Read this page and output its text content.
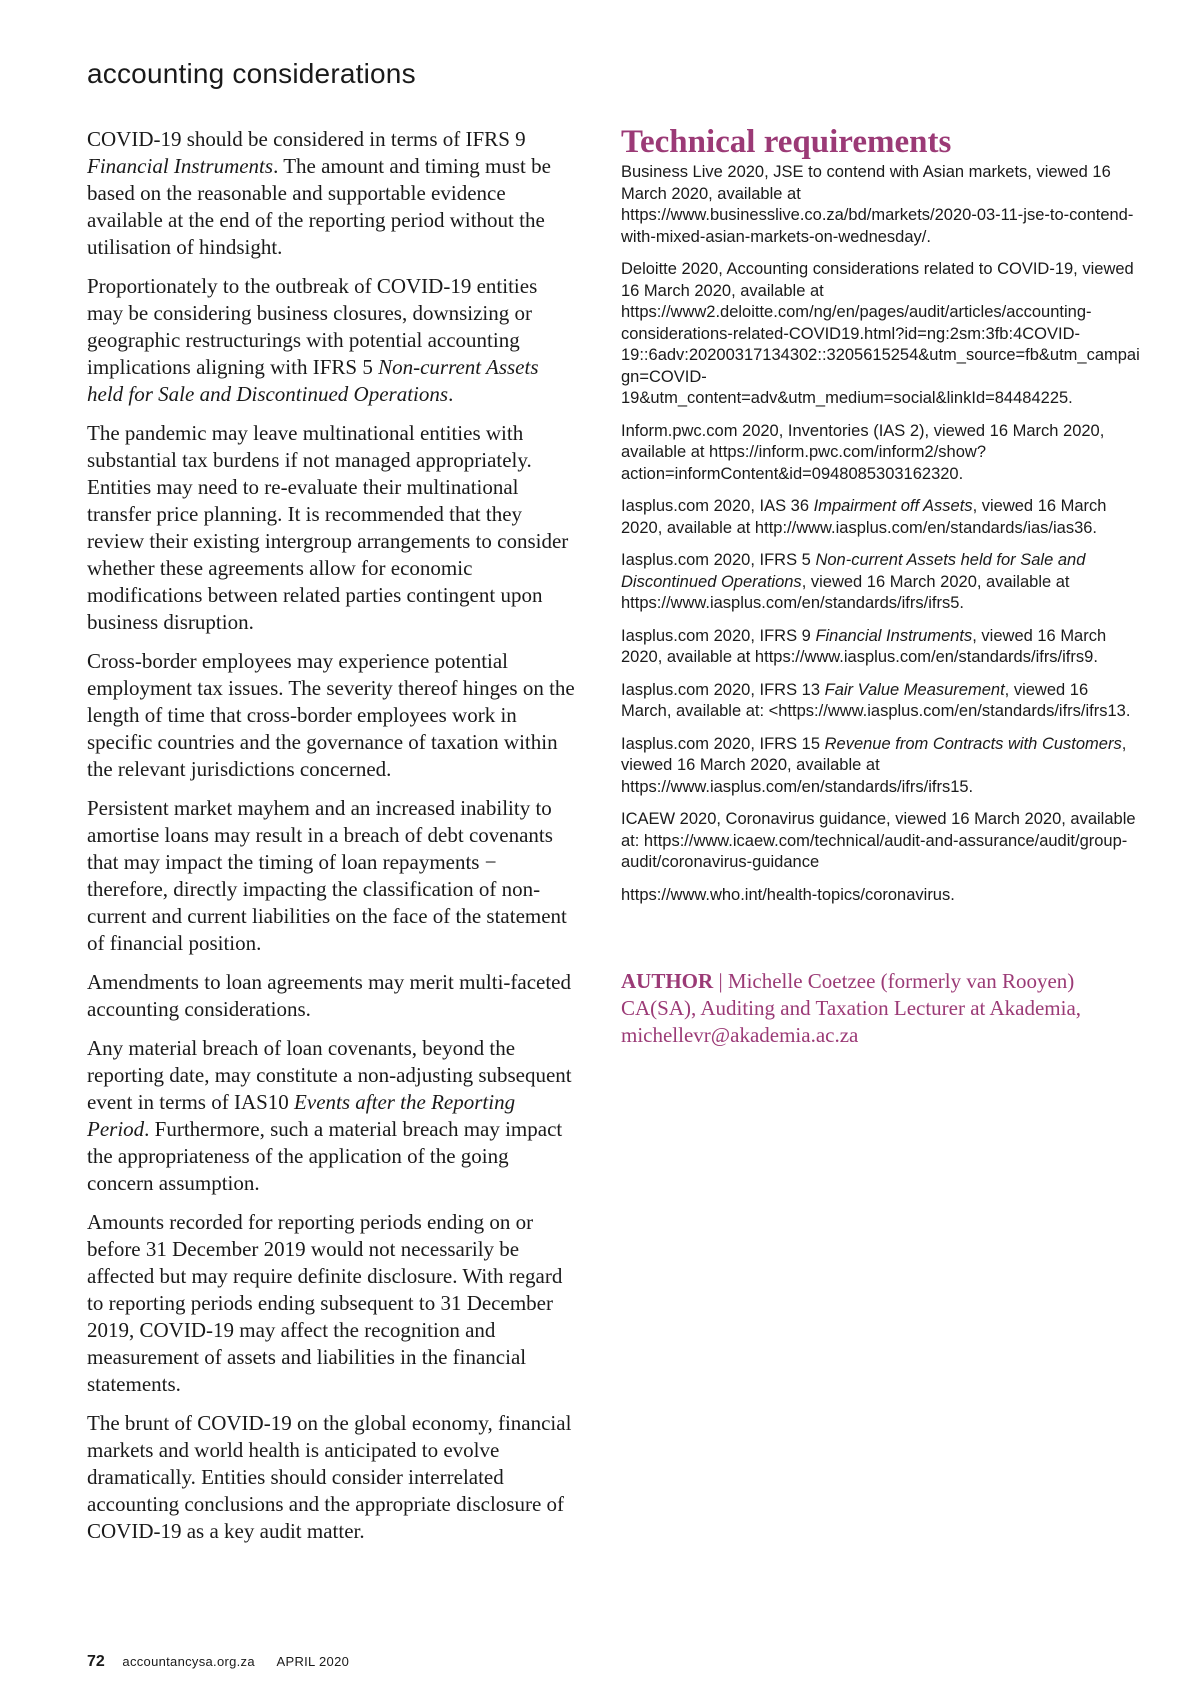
accounting considerations

COVID-19 should be considered in terms of IFRS 9 Financial Instruments. The amount and timing must be based on the reasonable and supportable evidence available at the end of the reporting period without the utilisation of hindsight.

Proportionately to the outbreak of COVID-19 entities may be considering business closures, downsizing or geographic restructurings with potential accounting implications aligning with IFRS 5 Non-current Assets held for Sale and Discontinued Operations.

The pandemic may leave multinational entities with substantial tax burdens if not managed appropriately. Entities may need to re-evaluate their multinational transfer price planning. It is recommended that they review their existing intergroup arrangements to consider whether these agreements allow for economic modifications between related parties contingent upon business disruption.

Cross-border employees may experience potential employment tax issues. The severity thereof hinges on the length of time that cross-border employees work in specific countries and the governance of taxation within the relevant jurisdictions concerned.

Persistent market mayhem and an increased inability to amortise loans may result in a breach of debt covenants that may impact the timing of loan repayments − therefore, directly impacting the classification of non-current and current liabilities on the face of the statement of financial position.

Amendments to loan agreements may merit multi-faceted accounting considerations.

Any material breach of loan covenants, beyond the reporting date, may constitute a non-adjusting subsequent event in terms of IAS10 Events after the Reporting Period. Furthermore, such a material breach may impact the appropriateness of the application of the going concern assumption.

Amounts recorded for reporting periods ending on or before 31 December 2019 would not necessarily be affected but may require definite disclosure. With regard to reporting periods ending subsequent to 31 December 2019, COVID-19 may affect the recognition and measurement of assets and liabilities in the financial statements.

The brunt of COVID-19 on the global economy, financial markets and world health is anticipated to evolve dramatically. Entities should consider interrelated accounting conclusions and the appropriate disclosure of COVID-19 as a key audit matter.

Technical requirements

Business Live 2020, JSE to contend with Asian markets, viewed 16 March 2020, available at https://www.businesslive.co.za/bd/markets/2020-03-11-jse-to-contend-with-mixed-asian-markets-on-wednesday/.

Deloitte 2020, Accounting considerations related to COVID-19, viewed 16 March 2020, available at https://www2.deloitte.com/ng/en/pages/audit/articles/accounting-considerations-related-COVID19.html?id=ng:2sm:3fb:4COVID-19::6adv:20200317134302::3205615254&utm_source=fb&utm_campaign=COVID-19&utm_content=adv&utm_medium=social&linkId=84484225.

Inform.pwc.com 2020, Inventories (IAS 2), viewed 16 March 2020, available at https://inform.pwc.com/inform2/show?action=informContent&id=0948085303162320.

Iasplus.com 2020, IAS 36 Impairment off Assets, viewed 16 March 2020, available at http://www.iasplus.com/en/standards/ias/ias36.

Iasplus.com 2020, IFRS 5 Non-current Assets held for Sale and Discontinued Operations, viewed 16 March 2020, available at https://www.iasplus.com/en/standards/ifrs/ifrs5.

Iasplus.com 2020, IFRS 9 Financial Instruments, viewed 16 March 2020, available at https://www.iasplus.com/en/standards/ifrs/ifrs9.

Iasplus.com 2020, IFRS 13 Fair Value Measurement, viewed 16 March, available at: <https://www.iasplus.com/en/standards/ifrs/ifrs13.

Iasplus.com 2020, IFRS 15 Revenue from Contracts with Customers, viewed 16 March 2020, available at https://www.iasplus.com/en/standards/ifrs/ifrs15.

ICAEW 2020, Coronavirus guidance, viewed 16 March 2020, available at: https://www.icaew.com/technical/audit-and-assurance/audit/group-audit/coronavirus-guidance

https://www.who.int/health-topics/coronavirus.

AUTHOR | Michelle Coetzee (formerly van Rooyen) CA(SA), Auditing and Taxation Lecturer at Akademia, michellevr@akademia.ac.za
72 accountancysa.org.za APRIL 2020
